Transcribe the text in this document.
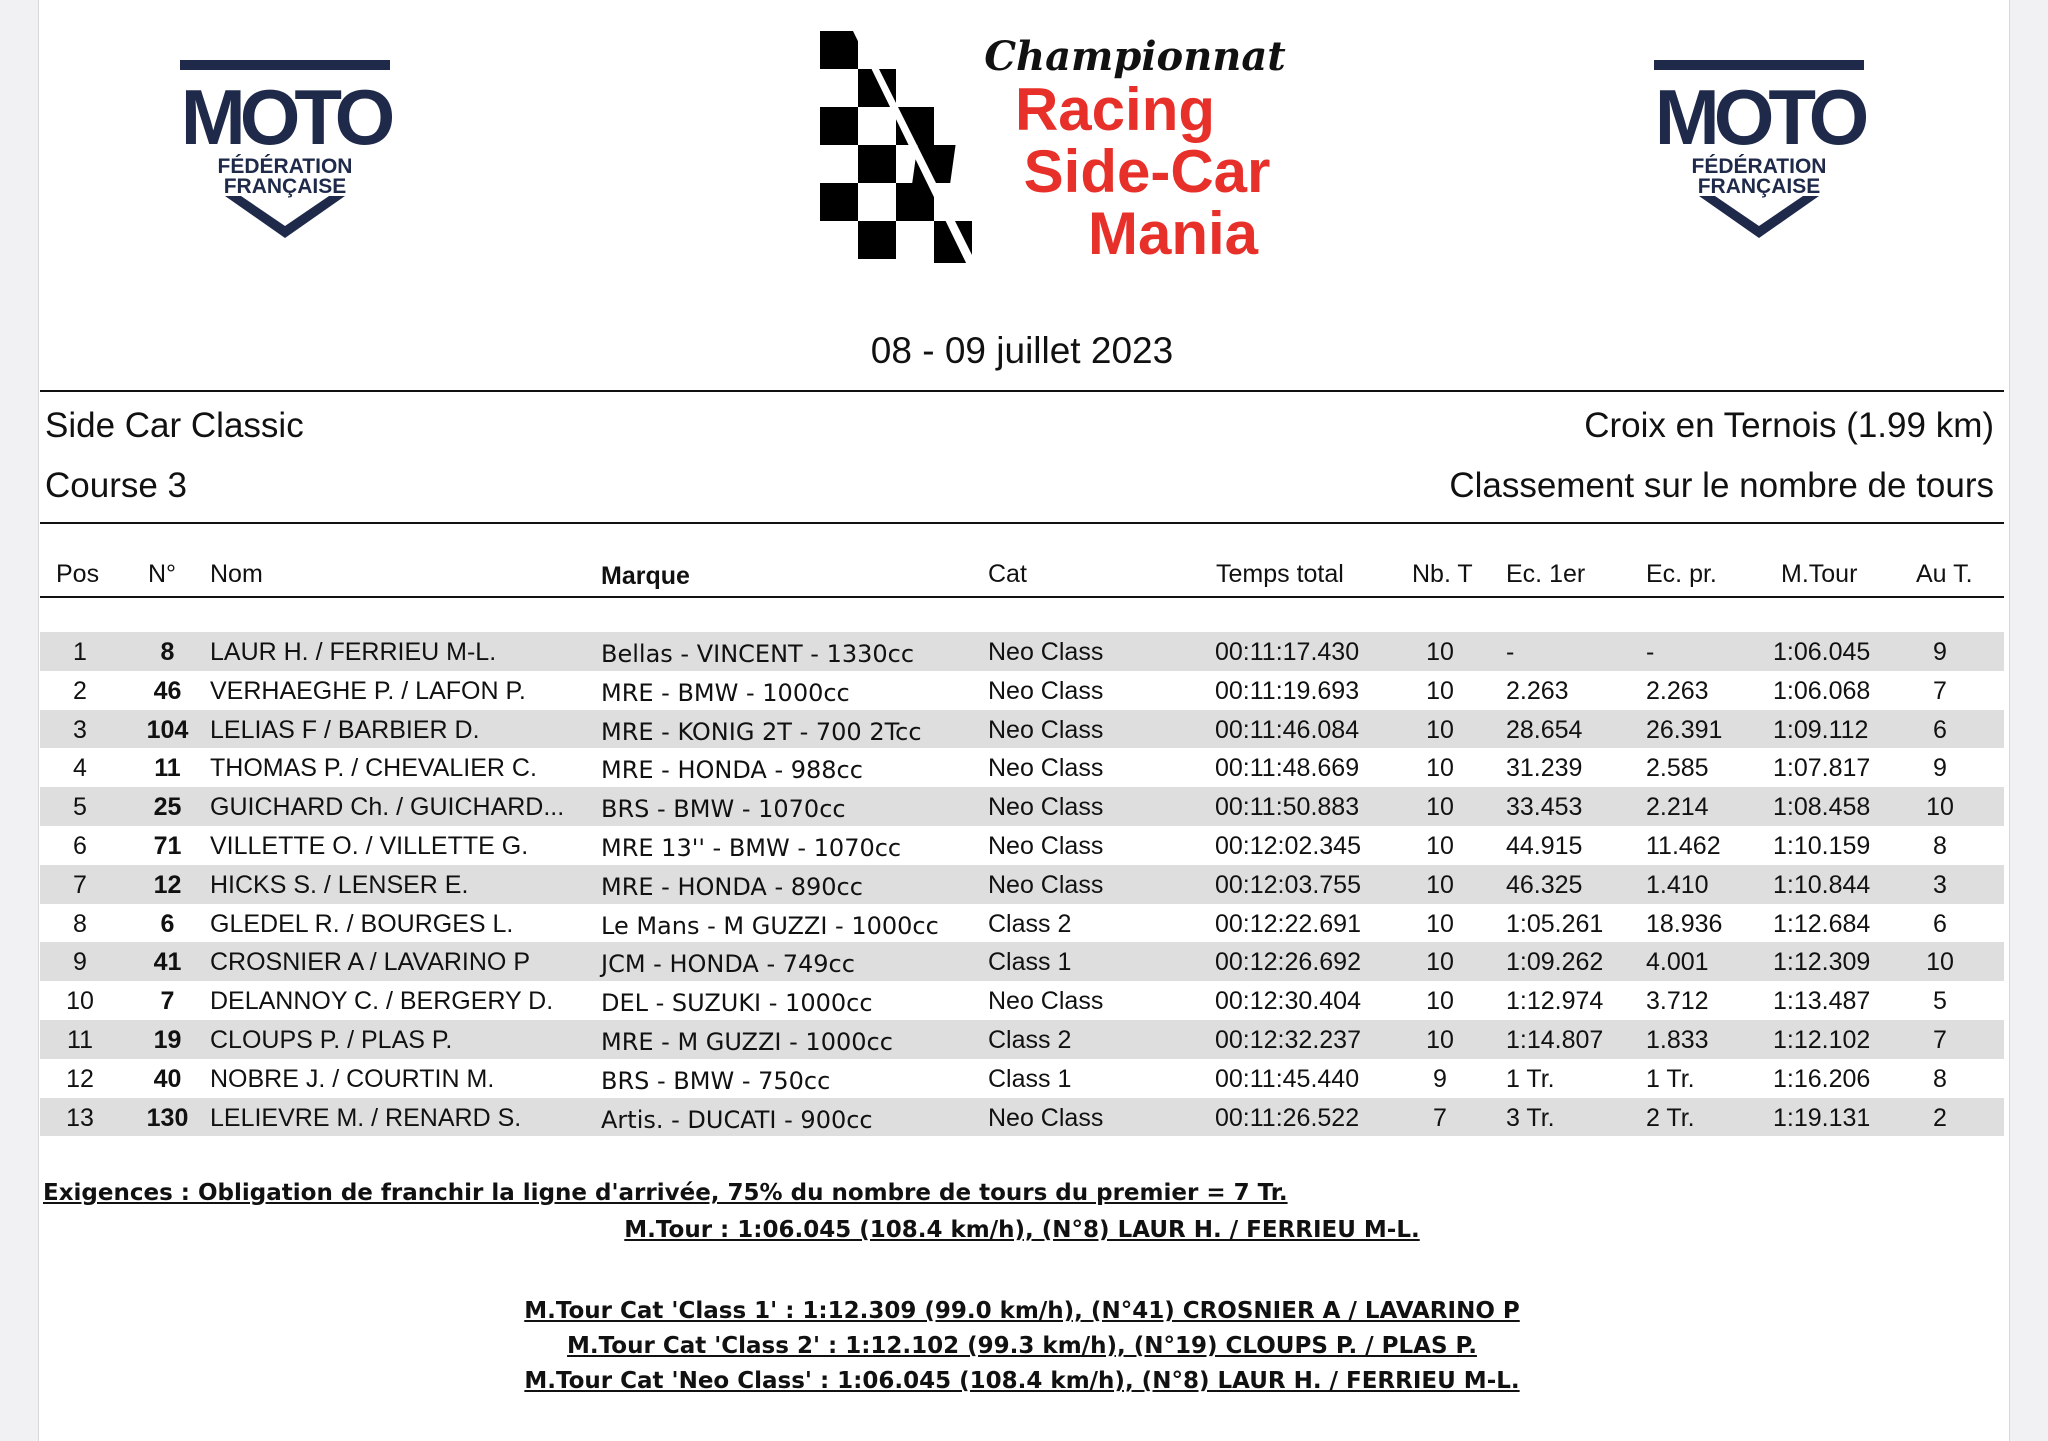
MOTO
FÉDÉRATION
FRANÇAISE
Championnat
Racing
Side-Car
Mania
MOTO
FÉDÉRATION
FRANÇAISE
08 - 09 juillet 2023
Side Car Classic	Croix en Ternois (1.99 km)
Course 3	Classement sur le nombre de tours
Pos N° Nom	Marque	Cat	Temps total	Nb. T Ec. 1er Ec. pr.	M.Tour Au T.
1	8	LAUR H. / FERRIEU M-L.	Bellas - VINCENT - 1330cc	Neo Class	00:11:17.430	10	-	-	1:06.045	9
2	46	VERHAEGHE P. / LAFON P.	MRE - BMW - 1000cc	Neo Class	00:11:19.693	10	2.263	2.263	1:06.068	7
3	104 LELIAS F / BARBIER D.	MRE - KONIG 2T - 700 2Tcc	Neo Class	00:11:46.084	10	28.654	26.391 1:09.112	6
4	11	THOMAS P. / CHEVALIER C.	MRE - HONDA - 988cc	Neo Class	00:11:48.669	10	31.239	2.585	1:07.817	9
5	25	GUICHARD Ch. / GUICHARD...	BRS - BMW - 1070cc	Neo Class	00:11:50.883	10	33.453	2.214	1:08.458	10
6	71	VILLETTE O. / VILLETTE G.	MRE 13'' - BMW - 1070cc	Neo Class	00:12:02.345	10	44.915	11.462 1:10.159	8
7	12	HICKS S. / LENSER E.	MRE - HONDA - 890cc	Neo Class	00:12:03.755	10	46.325	1.410	1:10.844	3
8	6	GLEDEL R. / BOURGES L.	Le Mans - M GUZZI - 1000cc Class 2	00:12:22.691	10	1:05.261 18.936 1:12.684	6
9	41	CROSNIER A / LAVARINO P	JCM - HONDA - 749cc	Class 1	00:12:26.692	10	1:09.262 4.001	1:12.309	10
10	7	DELANNOY C. / BERGERY D.	DEL - SUZUKI - 1000cc	Neo Class	00:12:30.404	10	1:12.974 3.712	1:13.487	5
11	19	CLOUPS P. / PLAS P.	MRE - M GUZZI - 1000cc	Class 2	00:12:32.237	10	1:14.807 1.833	1:12.102	7
12	40	NOBRE J. / COURTIN M.	BRS - BMW - 750cc	Class 1	00:11:45.440	9	1 Tr.	1 Tr.	1:16.206	8
13	130 LELIEVRE M. / RENARD S.	Artis. - DUCATI - 900cc	Neo Class	00:11:26.522	7	3 Tr.	2 Tr.	1:19.131	2
Exigences : Obligation de franchir la ligne d'arrivée, 75% du nombre de tours du premier = 7 Tr.
M.Tour : 1:06.045 (108.4 km/h), (N°8) LAUR H. / FERRIEU M-L.
M.Tour Cat 'Class 1' : 1:12.309 (99.0 km/h), (N°41) CROSNIER A / LAVARINO P
M.Tour Cat 'Class 2' : 1:12.102 (99.3 km/h), (N°19) CLOUPS P. / PLAS P.
M.Tour Cat 'Neo Class' : 1:06.045 (108.4 km/h), (N°8) LAUR H. / FERRIEU M-L.
